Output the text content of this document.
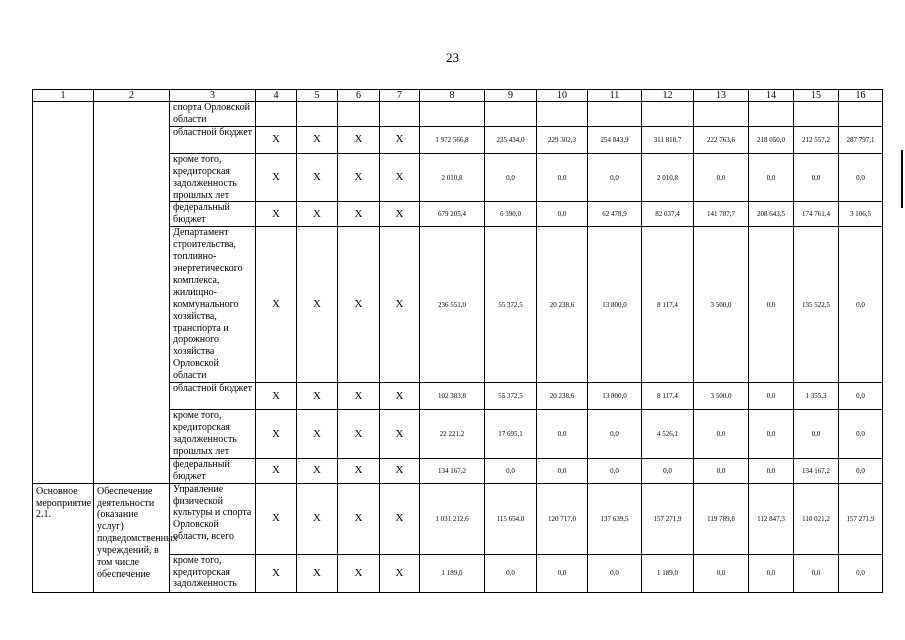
23
1	2	3	4	5	6	7	8	9	10	11	12	13	14	15	16
		спорта Орловской области													
		областной бюджет	X	X	X	X	1 972 566,8	235 434,0	229 302,3	254 843,9	311 818,7	222 763,6	218 050,0	212 557,2	287 797,1
		кроме того, кредиторская задолженность прошлых лет	X	X	X	X	2 010,8	0,0	0,0	0,0	2 010,8	0,0	0,0	0,0	0,0
		федеральный бюджет	X	X	X	X	679 205,4	6 390,0	0,0	62 478,9	82 037,4	141 787,7	208 643,5	174 761,4	3 106,5
		Департамент строительства, топливно-энергетического комплекса, жилищно-коммунального хозяйства, транспорта и дорожного хозяйства Орловской области	X	X	X	X	236 551,0	55 372,5	20 238,6	13 800,0	8 117,4	3 500,0	0,0	135 522,5	0,0
		областной бюджет	X	X	X	X	102 383,8	55 372,5	20 238,6	13 800,0	8 117,4	3 500,0	0,0	1 355,3	0,0
		кроме того, кредиторская задолженность прошлых лет	X	X	X	X	22 221,2	17 695,1	0,0	0,0	4 526,1	0,0	0,0	0,0	0,0
		федеральный бюджет	X	X	X	X	134 167,2	0,0	0,0	0,0	0,0	0,0	0,0	134 167,2	0,0
Основное мероприятие 2.1.	Обеспечение деятельности (оказание услуг) подведомственных учреждений, в том числе обеспечение	Управление физической культуры и спорта Орловской области, всего	X	X	X	X	1 031 212,6	115 654,0	120 717,0	137 639,5	157 271,9	119 789,8	112 847,3	110 021,2	157 271,9
		кроме того, кредиторская задолженность	X	X	X	X	1 189,0	0,0	0,0	0,0	1 189,0	0,0	0,0	0,0	0,0
